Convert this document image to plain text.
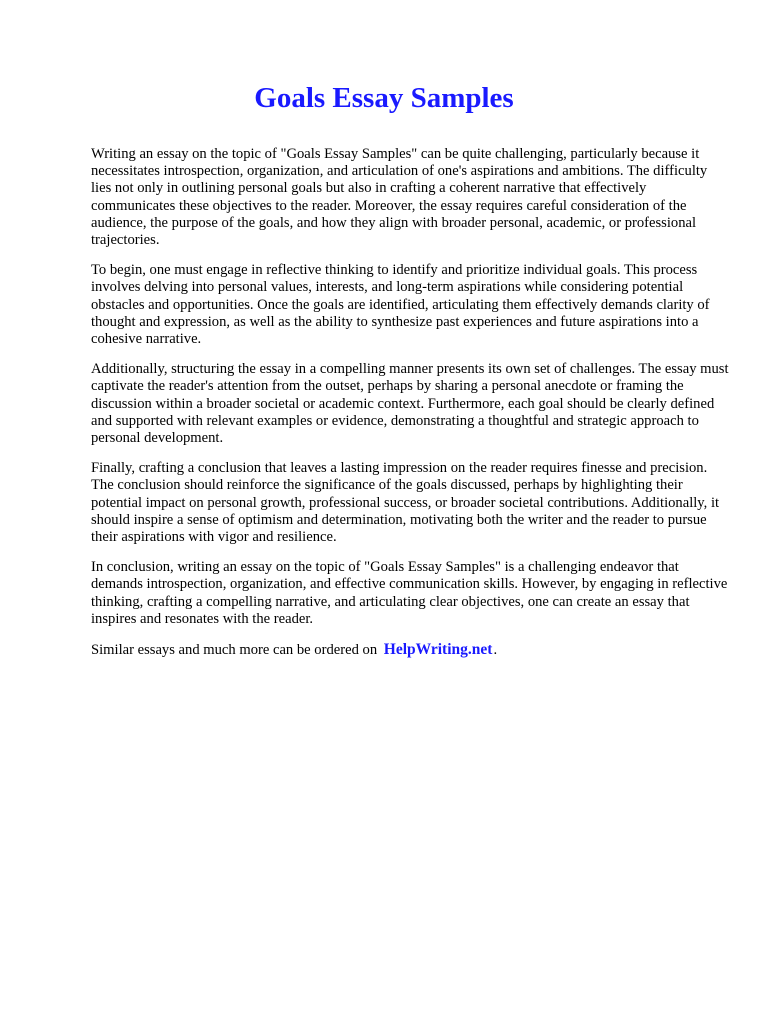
Goals Essay Samples

Writing an essay on the topic of "Goals Essay Samples" can be quite challenging, particularly because it necessitates introspection, organization, and articulation of one's aspirations and ambitions. The difficulty lies not only in outlining personal goals but also in crafting a coherent narrative that effectively communicates these objectives to the reader. Moreover, the essay requires careful consideration of the audience, the purpose of the goals, and how they align with broader personal, academic, or professional trajectories.

To begin, one must engage in reflective thinking to identify and prioritize individual goals. This process involves delving into personal values, interests, and long-term aspirations while considering potential obstacles and opportunities. Once the goals are identified, articulating them effectively demands clarity of thought and expression, as well as the ability to synthesize past experiences and future aspirations into a cohesive narrative.

Additionally, structuring the essay in a compelling manner presents its own set of challenges. The essay must captivate the reader's attention from the outset, perhaps by sharing a personal anecdote or framing the discussion within a broader societal or academic context. Furthermore, each goal should be clearly defined and supported with relevant examples or evidence, demonstrating a thoughtful and strategic approach to personal development.

Finally, crafting a conclusion that leaves a lasting impression on the reader requires finesse and precision. The conclusion should reinforce the significance of the goals discussed, perhaps by highlighting their potential impact on personal growth, professional success, or broader societal contributions. Additionally, it should inspire a sense of optimism and determination, motivating both the writer and the reader to pursue their aspirations with vigor and resilience.

In conclusion, writing an essay on the topic of "Goals Essay Samples" is a challenging endeavor that demands introspection, organization, and effective communication skills. However, by engaging in reflective thinking, crafting a compelling narrative, and articulating clear objectives, one can create an essay that inspires and resonates with the reader.

Similar essays and much more can be ordered on HelpWriting.net.
